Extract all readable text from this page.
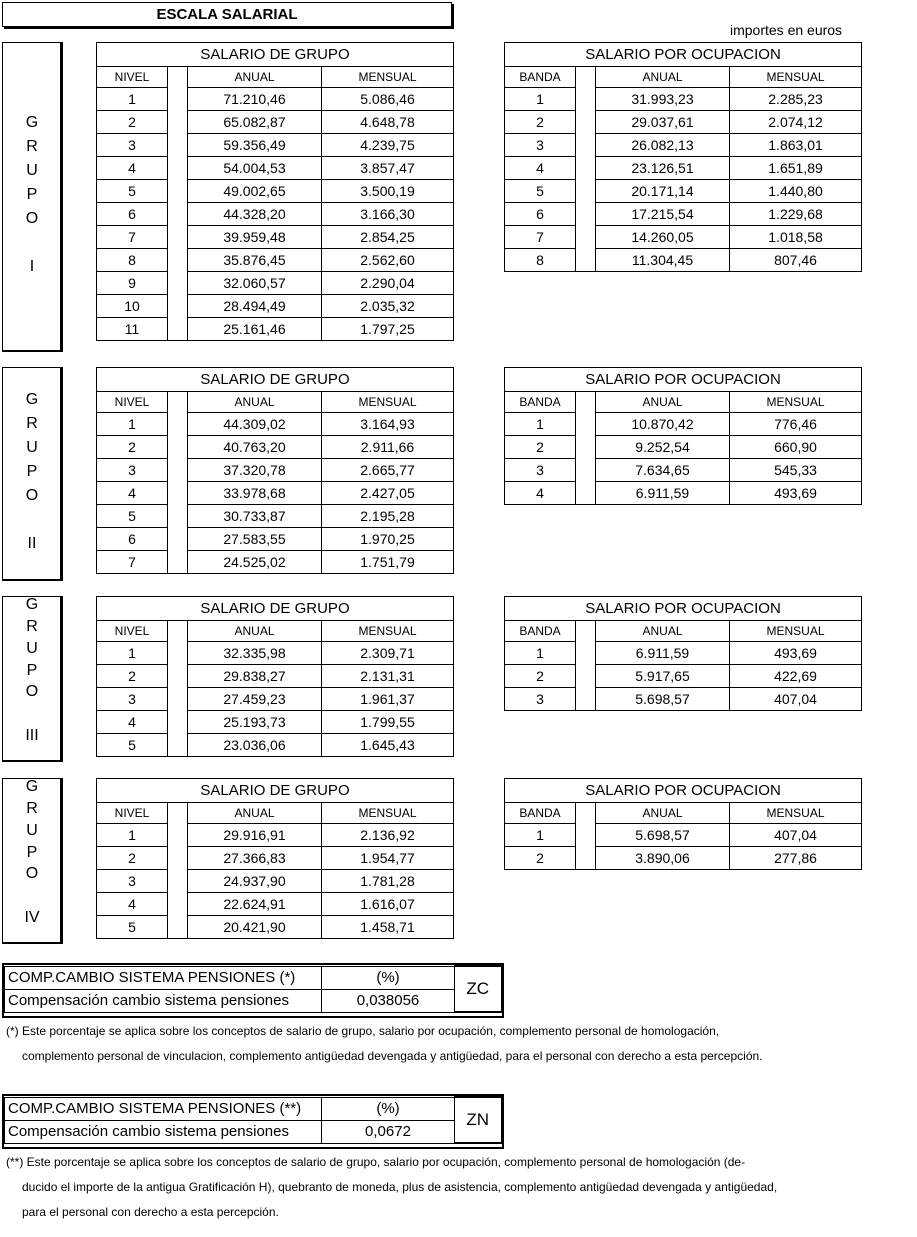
ESCALA SALARIAL
importes en euros
G
R
U
P
O
I
SALARIO DE GRUPO			
NIVEL		ANUAL	MENSUAL
1		71.210,46	5.086,46
2		65.082,87	4.648,78
3		59.356,49	4.239,75
4		54.004,53	3.857,47
5		49.002,65	3.500,19
6		44.328,20	3.166,30
7		39.959,48	2.854,25
8		35.876,45	2.562,60
9		32.060,57	2.290,04
10		28.494,49	2.035,32
11		25.161,46	1.797,25
SALARIO POR OCUPACION			
BANDA		ANUAL	MENSUAL
1		31.993,23	2.285,23
2		29.037,61	2.074,12
3		26.082,13	1.863,01
4		23.126,51	1.651,89
5		20.171,14	1.440,80
6		17.215,54	1.229,68
7		14.260,05	1.018,58
8		11.304,45	807,46
G
R
U
P
O
II
SALARIO DE GRUPO			
NIVEL		ANUAL	MENSUAL
1		44.309,02	3.164,93
2		40.763,20	2.911,66
3		37.320,78	2.665,77
4		33.978,68	2.427,05
5		30.733,87	2.195,28
6		27.583,55	1.970,25
7		24.525,02	1.751,79
SALARIO POR OCUPACION			
BANDA		ANUAL	MENSUAL
1		10.870,42	776,46
2		9.252,54	660,90
3		7.634,65	545,33
4		6.911,59	493,69
G
R
U
P
O
III
SALARIO DE GRUPO			
NIVEL		ANUAL	MENSUAL
1		32.335,98	2.309,71
2		29.838,27	2.131,31
3		27.459,23	1.961,37
4		25.193,73	1.799,55
5		23.036,06	1.645,43
SALARIO POR OCUPACION			
BANDA		ANUAL	MENSUAL
1		6.911,59	493,69
2		5.917,65	422,69
3		5.698,57	407,04
G
R
U
P
O
IV
SALARIO DE GRUPO			
NIVEL		ANUAL	MENSUAL
1		29.916,91	2.136,92
2		27.366,83	1.954,77
3		24.937,90	1.781,28
4		22.624,91	1.616,07
5		20.421,90	1.458,71
SALARIO POR OCUPACION			
BANDA		ANUAL	MENSUAL
1		5.698,57	407,04
2		3.890,06	277,86
COMP.CAMBIO SISTEMA PENSIONES (*)	(%)	ZC
Compensación cambio sistema pensiones	0,038056	
(*) Este porcentaje se aplica sobre los conceptos de salario de grupo, salario por ocupación, complemento personal de homologación,
complemento personal de vinculacion, complemento antigüedad devengada y antigüedad, para el personal con derecho a esta percepción.
COMP.CAMBIO SISTEMA PENSIONES (**)	(%)	ZN
Compensación cambio sistema pensiones	0,0672	
(**) Este porcentaje se aplica sobre los conceptos de salario de grupo, salario por ocupación, complemento personal de homologación (de-
ducido el importe de la antigua Gratificación H), quebranto de moneda, plus de asistencia, complemento antigüedad devengada y antigüedad,
para el personal con derecho a esta percepción.
